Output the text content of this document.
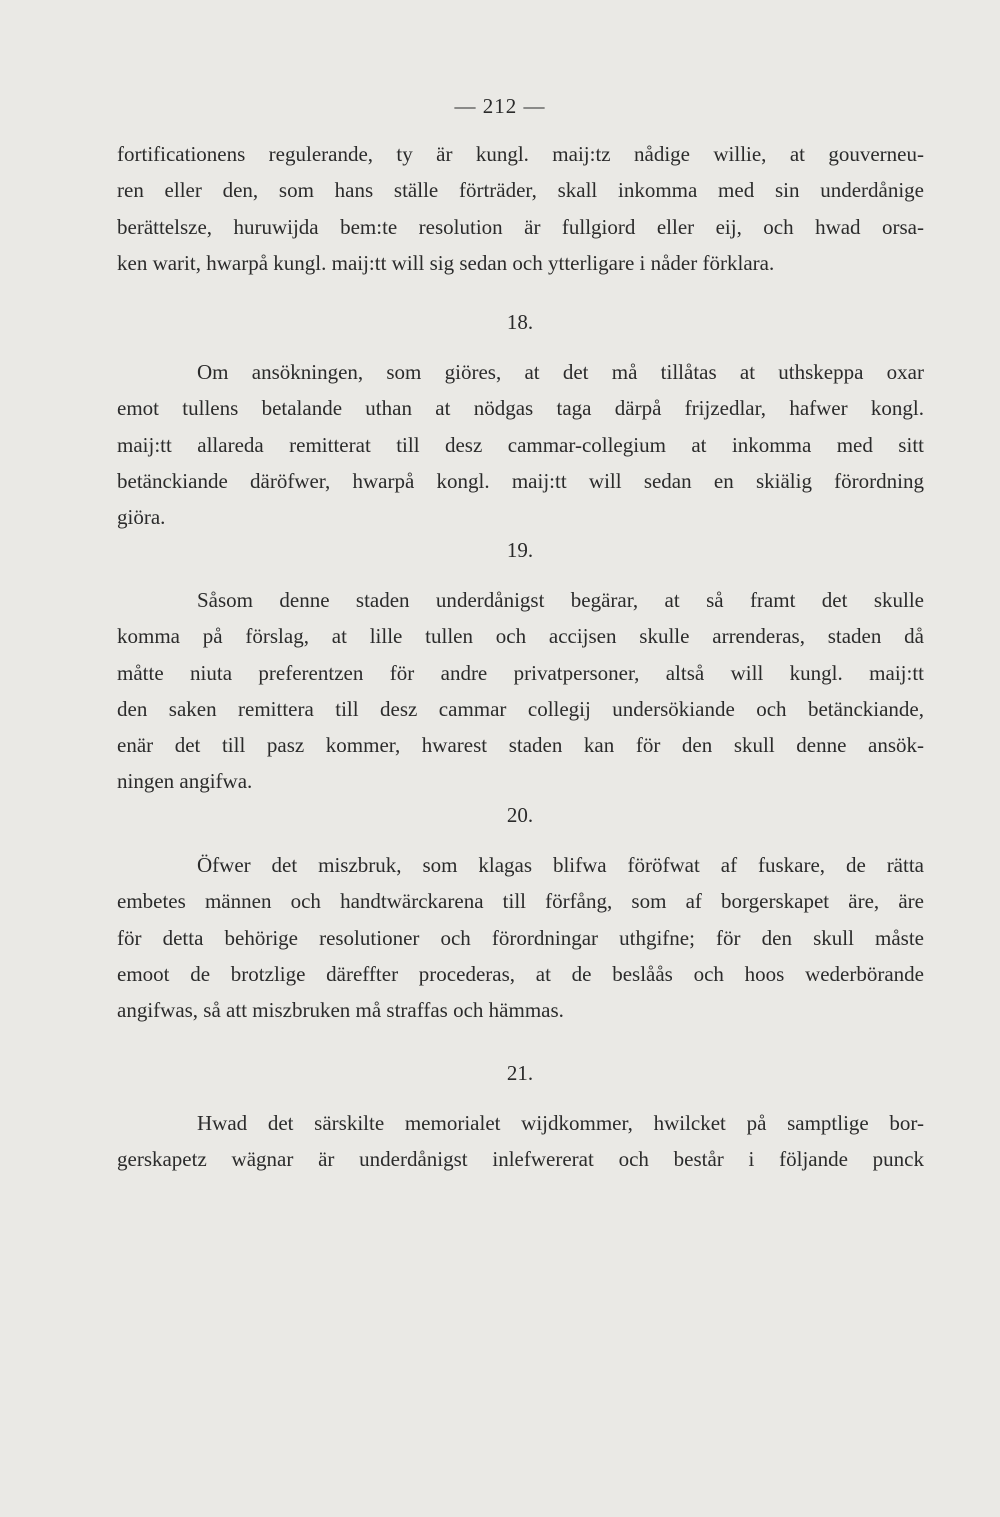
— 212 —
fortificationens regulerande, ty är kungl. maij:tz nådige willie, at gouverneu-
ren eller den, som hans ställe förträder, skall inkomma med sin underdånige
berättelsze, huruwijda bem:te resolution är fullgiord eller eij, och hwad orsa-
ken warit, hwarpå kungl. maij:tt will sig sedan och ytterligare i nåder förklara.
18.
Om ansökningen, som giöres, at det må tillåtas at uthskeppa oxar
emot tullens betalande uthan at nödgas taga därpå frijzedlar, hafwer kongl.
maij:tt allareda remitterat till desz cammar-collegium at inkomma med sitt
betänckiande däröfwer, hwarpå kongl. maij:tt will sedan en skiälig förordning
giöra.
19.
Såsom denne staden underdånigst begärar, at så framt det skulle
komma på förslag, at lille tullen och accijsen skulle arrenderas, staden då
måtte niuta preferentzen för andre privatpersoner, altså will kungl. maij:tt
den saken remittera till desz cammar collegij undersökiande och betänckiande,
enär det till pasz kommer, hwarest staden kan för den skull denne ansök-
ningen angifwa.
20.
Öfwer det miszbruk, som klagas blifwa föröfwat af fuskare, de rätta
embetes männen och handtwärckarena till förfång, som af borgerskapet äre, äre
för detta behörige resolutioner och förordningar uthgifne; för den skull måste
emoot de brotzlige däreffter procederas, at de beslåås och hoos wederbörande
angifwas, så att miszbruken må straffas och hämmas.
21.
Hwad det särskilte memorialet wijdkommer, hwilcket på samptlige bor-
gerskapetz wägnar är underdånigst inlefwererat och består i följande punck
